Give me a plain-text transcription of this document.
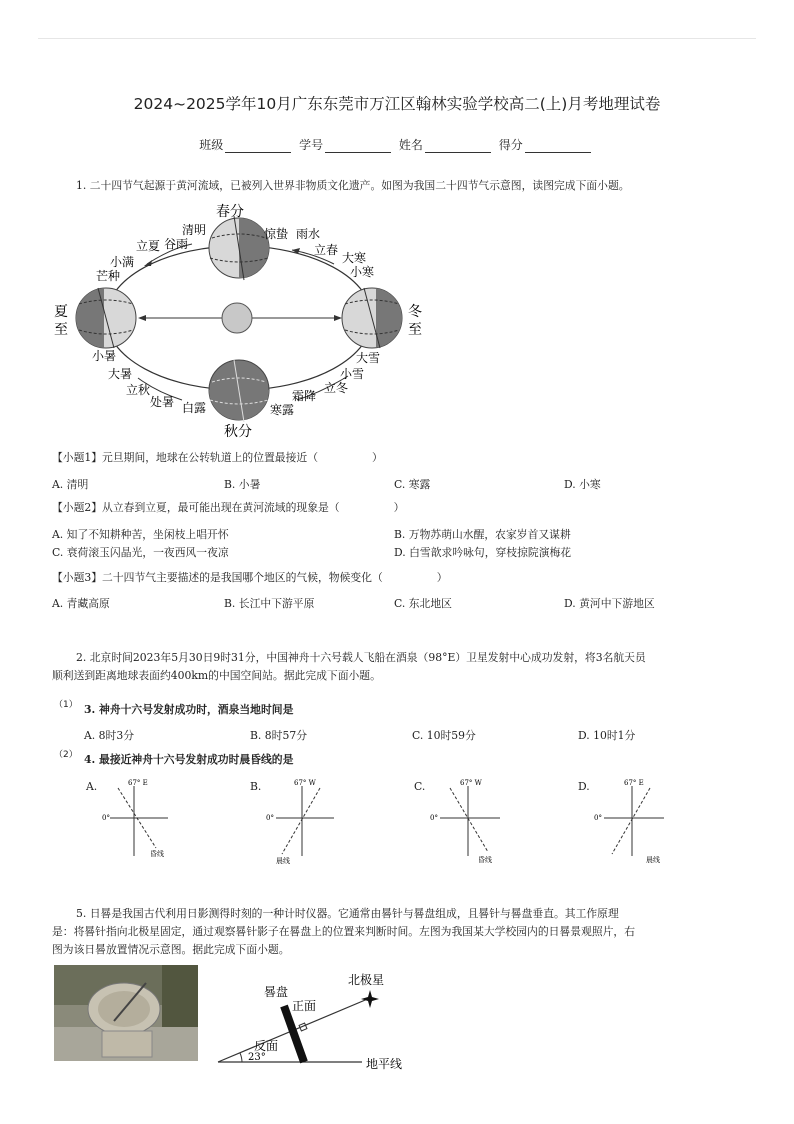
2024~2025学年10月广东东莞市万江区翰林实验学校高二(上)月考地理试卷
班级	学号	姓名	得分
1. 二十四节气起源于黄河流域，已被列入世界非物质文化遗产。如图为我国二十四节气示意图，读图完成下面小题。
春分
秋分
夏
至
冬
至
清明
谷雨
立夏
小满
芒种
惊蛰 雨水
立春
大寒
小寒
小暑
大暑
立秋
处暑 白露	寒露
霜降
立冬
小雪
大雪
【小题1】元旦期间，地球在公转轨道上的位置最接近（　　　　　）
A. 清明	B. 小暑	C. 寒露	D. 小寒
【小题2】从立春到立夏，最可能出现在黄河流域的现象是（　　　　　）
A. 知了不知耕种苦，坐闲枝上唱开怀	B. 万物苏萌山水醒，农家岁首又谋耕
C. 衰荷滚玉闪晶光，一夜西风一夜凉	D. 白雪歆求吟咏句，穿枝掠院演梅花
【小题3】二十四节气主要描述的是我国哪个地区的气候，物候变化（　　　　　）
A. 青藏高原	B. 长江中下游平原	C. 东北地区	D. 黄河中下游地区
2. 北京时间2023年5月30日9时31分，中国神舟十六号载人飞船在酒泉（98°E）卫星发射中心成功发射，将3名航天员
顺利送到距离地球表面约400km的中国空间站。据此完成下面小题。
（1） 3. 神舟十六号发射成功时，酒泉当地时间是
A. 8时3分	B. 8时57分	C. 10时59分	D. 10时1分
（2） 4. 最接近神舟十六号发射成功时晨昏线的是
A.	B.	C.	D.
67° E
0°
昏线
67° W
0°
晨线
67° W
0°
昏线
67° E
0°
晨线
5. 日晷是我国古代利用日影测得时刻的一种计时仪器。它通常由晷针与晷盘组成，且晷针与晷盘垂直。其工作原理
是：将晷针指向北极星固定，通过观察晷针影子在晷盘上的位置来判断时间。左图为我国某大学校园内的日晷景观照片，右
图为该日晷放置情况示意图。据此完成下面小题。
晷盘
正面
反面
北极星
23°	地平线
